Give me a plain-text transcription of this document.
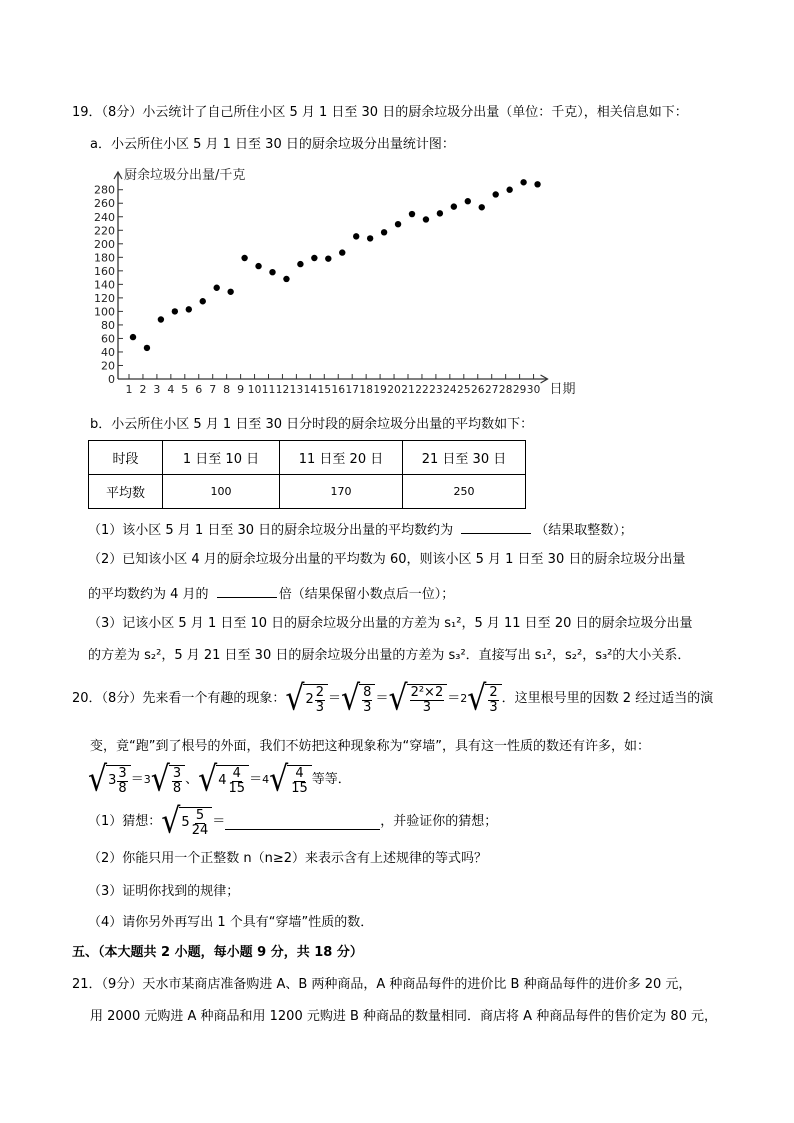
19．（8分）小云统计了自己所住小区 5 月 1 日至 30 日的厨余垃圾分出量（单位：千克），相关信息如下：
a．小云所住小区 5 月 1 日至 30 日的厨余垃圾分出量统计图：
0
20
40
60
80
100
120
140
160
180
200
220
240
260
280
1 2 3 4 5 6 7 8 9 10 11 12 13 14 15 16 17 18 19 20 21 22 23 24 25 26 27 28 29 30
厨余垃圾分出量/千克
日期
b．小云所住小区 5 月 1 日至 30 日分时段的厨余垃圾分出量的平均数如下：
时段	1 日至 10 日	11 日至 20 日	21 日至 30 日
平均数	100	170	250
（1）该小区 5 月 1 日至 30 日的厨余垃圾分出量的平均数约为	（结果取整数）；
（2）已知该小区 4 月的厨余垃圾分出量的平均数为 60，则该小区 5 月 1 日至 30 日的厨余垃圾分出量
的平均数约为 4 月的	倍（结果保留小数点后一位）；
（3）记该小区 5 月 1 日至 10 日的厨余垃圾分出量的方差为 s₁²，5 月 11 日至 20 日的厨余垃圾分出量
的方差为 s₂²，5 月 21 日至 30 日的厨余垃圾分出量的方差为 s₃²．直接写出 s₁²，s₂²，s₃²的大小关系．
20．（8分）先来看一个有趣的现象： √ $2 \frac{2}{3}$ ＝ √ $\frac{8}{3}$ ＝ √ $\frac{\text{2²×2}}{3} = 2$ √ $\frac{2}{3}$ ．这里根号里的因数 2 经过适当的演
变，竟“跑”到了根号的外面，我们不妨把这种现象称为“穿墙”，具有这一性质的数还有许多，如：
√ $3 \frac{3}{8} = 3$ √ $\frac{3}{8}$ 、 √ $4 \frac{4}{15} = 4$ √ $\frac{4}{15}$ 等等．
（1）猜想： √ $5 \frac{5}{24}$ ＝	，并验证你的猜想；
（2）你能只用一个正整数 n（n≥2）来表示含有上述规律的等式吗？
（3）证明你找到的规律；
（4）请你另外再写出 1 个具有“穿墙”性质的数．
五、（本大题共 2 小题，每小题 9 分，共 18 分）
21．（9分）天水市某商店准备购进 A、B 两种商品，A 种商品每件的进价比 B 种商品每件的进价多 20 元，
用 2000 元购进 A 种商品和用 1200 元购进 B 种商品的数量相同．商店将 A 种商品每件的售价定为 80 元，
